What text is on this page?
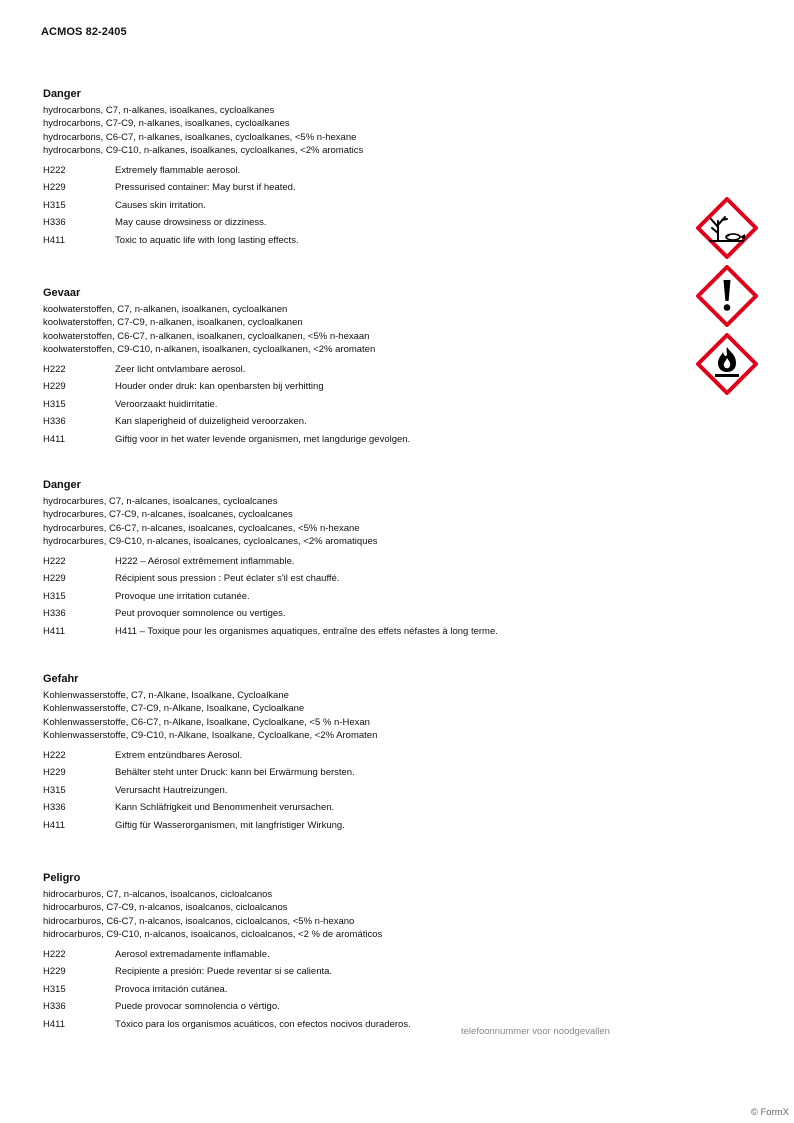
ACMOS 82-2405
Danger
hydrocarbons, C7, n-alkanes, isoalkanes, cycloalkanes
hydrocarbons, C7-C9, n-alkanes, isoalkanes, cycloalkanes
hydrocarbons, C6-C7, n-alkanes, isoalkanes, cycloalkanes, <5% n-hexane
hydrocarbons, C9-C10, n-alkanes, isoalkanes, cycloalkanes, <2% aromatics
H222	Extremely flammable aerosol.
H229	Pressurised container: May burst if heated.
H315	Causes skin irritation.
H336	May cause drowsiness or dizziness.
H411	Toxic to aquatic life with long lasting effects.
Gevaar
koolwaterstoffen, C7, n-alkanen, isoalkanen, cycloalkanen
koolwaterstoffen, C7-C9, n-alkanen, isoalkanen, cycloalkanen
koolwaterstoffen, C6-C7, n-alkanen, isoalkanen, cycloalkanen, <5% n-hexaan
koolwaterstoffen, C9-C10, n-alkanen, isoalkanen, cycloalkanen, <2% aromaten
H222	Zeer licht ontvlambare aerosol.
H229	Houder onder druk: kan openbarsten bij verhitting
H315	Veroorzaakt huidirritatie.
H336	Kan slaperigheid of duizeligheid veroorzaken.
H411	Giftig voor in het water levende organismen, met langdurige gevolgen.
Danger
hydrocarbures, C7, n-alcanes, isoalcanes, cycloalcanes
hydrocarbures, C7-C9, n-alcanes, isoalcanes, cycloalcanes
hydrocarbures, C6-C7, n-alcanes, isoalcanes, cycloalcanes, <5% n-hexane
hydrocarbures, C9-C10, n-alcanes, isoalcanes, cycloalcanes, <2% aromatiques
H222	H222 – Aérosol extrêmement inflammable.
H229	Récipient sous pression : Peut éclater s'il est chauffé.
H315	Provoque une irritation cutanée.
H336	Peut provoquer somnolence ou vertiges.
H411	H411 – Toxique pour les organismes aquatiques, entraîne des effets néfastes à long terme.
Gefahr
Kohlenwasserstoffe, C7, n-Alkane, Isoalkane, Cycloalkane
Kohlenwasserstoffe, C7-C9, n-Alkane, Isoalkane, Cycloalkane
Kohlenwasserstoffe, C6-C7, n-Alkane, Isoalkane, Cycloalkane, <5 % n-Hexan
Kohlenwasserstoffe, C9-C10, n-Alkane, Isoalkane, Cycloalkane, <2% Aromaten
H222	Extrem entzündbares Aerosol.
H229	Behälter steht unter Druck: kann bei Erwärmung bersten.
H315	Verursacht Hautreizungen.
H336	Kann Schläfrigkeit und Benommenheit verursachen.
H411	Giftig für Wasserorganismen, mit langfristiger Wirkung.
Peligro
hidrocarburos, C7, n-alcanos, isoalcanos, cicloalcanos
hidrocarburos, C7-C9, n-alcanos, isoalcanos, cicloalcanos
hidrocarburos, C6-C7, n-alcanos, isoalcanos, cicloalcanos, <5% n-hexano
hidrocarburos, C9-C10, n-alcanos, isoalcanos, cicloalcanos, <2 % de aromáticos
H222	Aerosol extremadamente inflamable.
H229	Recipiente a presión: Puede reventar si se calienta.
H315	Provoca irritación cutánea.
H336	Puede provocar somnolencia o vértigo.
H411	Tóxico para los organismos acuáticos, con efectos nocivos duraderos.
telefoonnummer voor noodgevallen
© FormX
